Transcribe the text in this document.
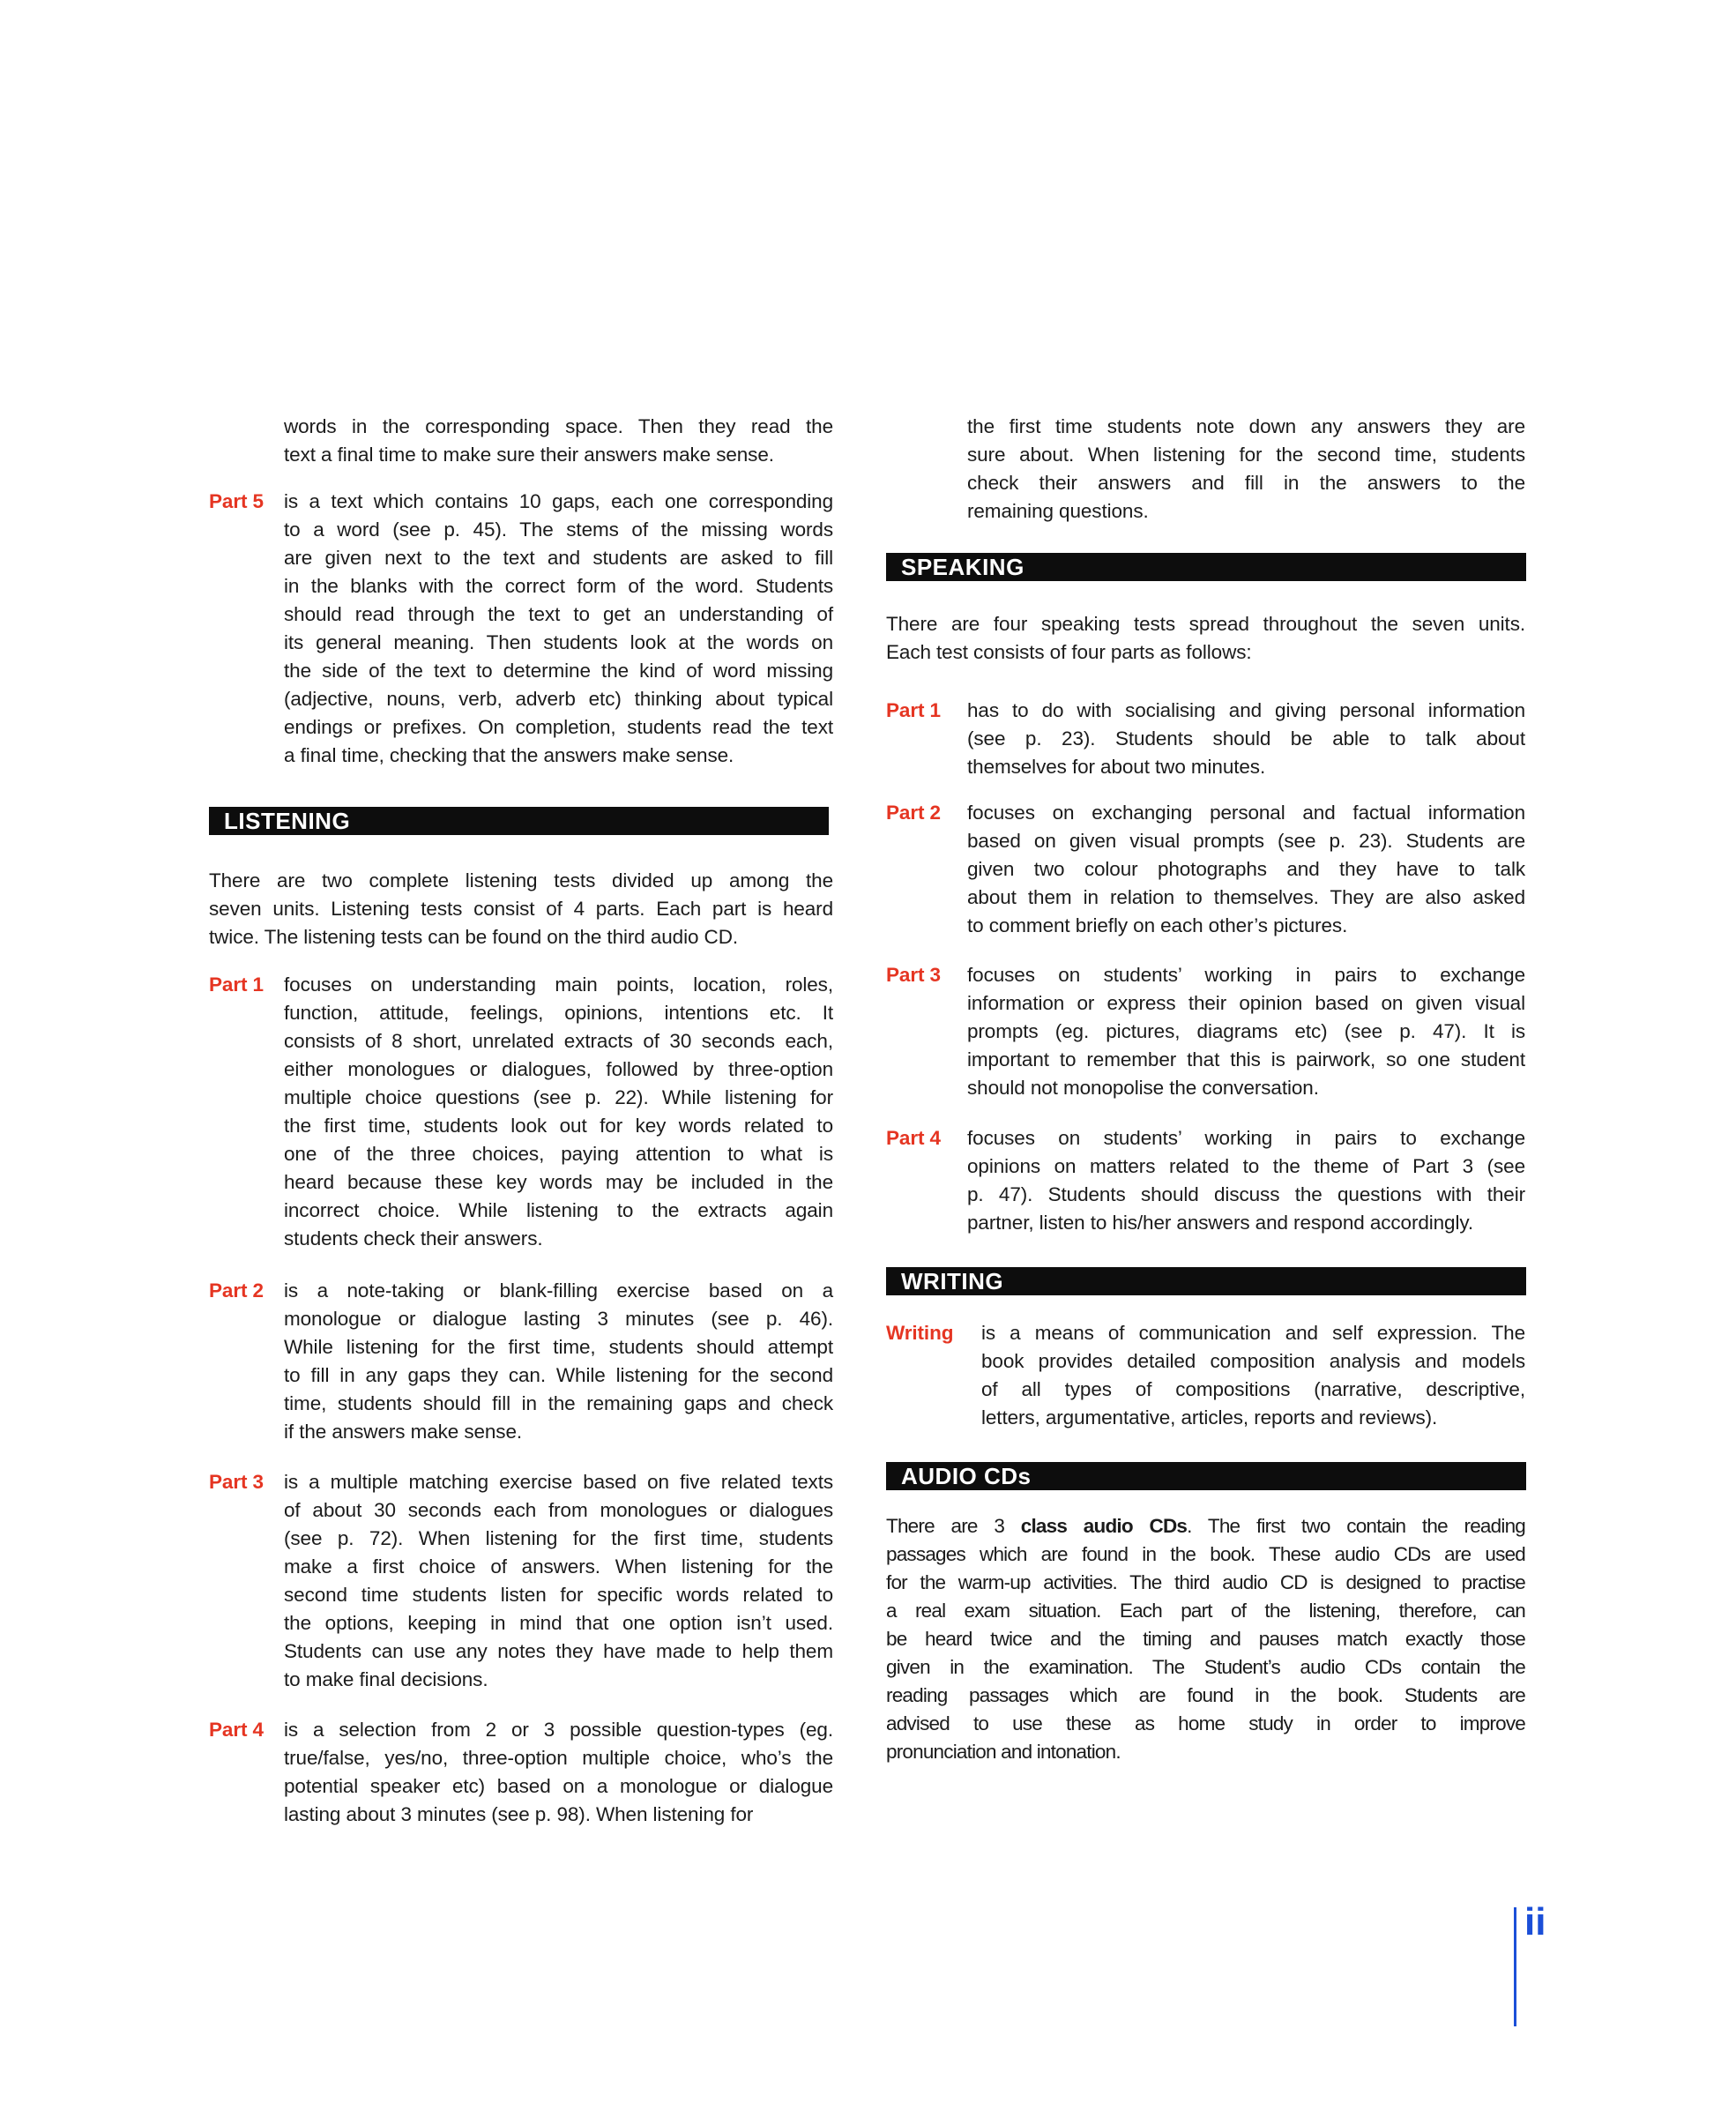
words in the corresponding space. Then they read the
text a final time to make sure their answers make sense.
Part 5 is a text which contains 10 gaps, each one corresponding
to a word (see p. 45). The stems of the missing words
are given next to the text and students are asked to fill
in the blanks with the correct form of the word. Students
should read through the text to get an understanding of
its general meaning. Then students look at the words on
the side of the text to determine the kind of word missing
(adjective, nouns, verb, adverb etc) thinking about typical
endings or prefixes. On completion, students read the text
a final time, checking that the answers make sense.
LISTENING
There are two complete listening tests divided up among the
seven units. Listening tests consist of 4 parts. Each part is heard
twice. The listening tests can be found on the third audio CD.
Part 1 focuses on understanding main points, location, roles,
function, attitude, feelings, opinions, intentions etc. It
consists of 8 short, unrelated extracts of 30 seconds each,
either monologues or dialogues, followed by three-option
multiple choice questions (see p. 22). While listening for
the first time, students look out for key words related to
one of the three choices, paying attention to what is
heard because these key words may be included in the
incorrect choice. While listening to the extracts again
students check their answers.
Part 2 is a note-taking or blank-filling exercise based on a
monologue or dialogue lasting 3 minutes (see p. 46).
While listening for the first time, students should attempt
to fill in any gaps they can. While listening for the second
time, students should fill in the remaining gaps and check
if the answers make sense.
Part 3 is a multiple matching exercise based on five related texts
of about 30 seconds each from monologues or dialogues
(see p. 72). When listening for the first time, students
make a first choice of answers. When listening for the
second time students listen for specific words related to
the options, keeping in mind that one option isn’t used.
Students can use any notes they have made to help them
to make final decisions.
Part 4 is a selection from 2 or 3 possible question-types (eg.
true/false, yes/no, three-option multiple choice, who’s the
potential speaker etc) based on a monologue or dialogue
lasting about 3 minutes (see p. 98). When listening for
the first time students note down any answers they are
sure about. When listening for the second time, students
check their answers and fill in the answers to the
remaining questions.
SPEAKING
There are four speaking tests spread throughout the seven units.
Each test consists of four parts as follows:
Part 1 has to do with socialising and giving personal information
(see p. 23). Students should be able to talk about
themselves for about two minutes.
Part 2 focuses on exchanging personal and factual information
based on given visual prompts (see p. 23). Students are
given two colour photographs and they have to talk
about them in relation to themselves. They are also asked
to comment briefly on each other’s pictures.
Part 3 focuses on students’ working in pairs to exchange
information or express their opinion based on given visual
prompts (eg. pictures, diagrams etc) (see p. 47). It is
important to remember that this is pairwork, so one student
should not monopolise the conversation.
Part 4 focuses on students’ working in pairs to exchange
opinions on matters related to the theme of Part 3 (see
p. 47). Students should discuss the questions with their
partner, listen to his/her answers and respond accordingly.
WRITING
Writing is a means of communication and self expression. The
book provides detailed composition analysis and models
of all types of compositions (narrative, descriptive,
letters, argumentative, articles, reports and reviews).
AUDIO CDs
There are 3 class audio CDs. The first two contain the reading
passages which are found in the book. These audio CDs are used
for the warm-up activities. The third audio CD is designed to practise
a real exam situation. Each part of the listening, therefore, can
be heard twice and the timing and pauses match exactly those
given in the examination. The Student’s audio CDs contain the
reading passages which are found in the book. Students are
advised to use these as home study in order to improve
pronunciation and intonation.
ii
